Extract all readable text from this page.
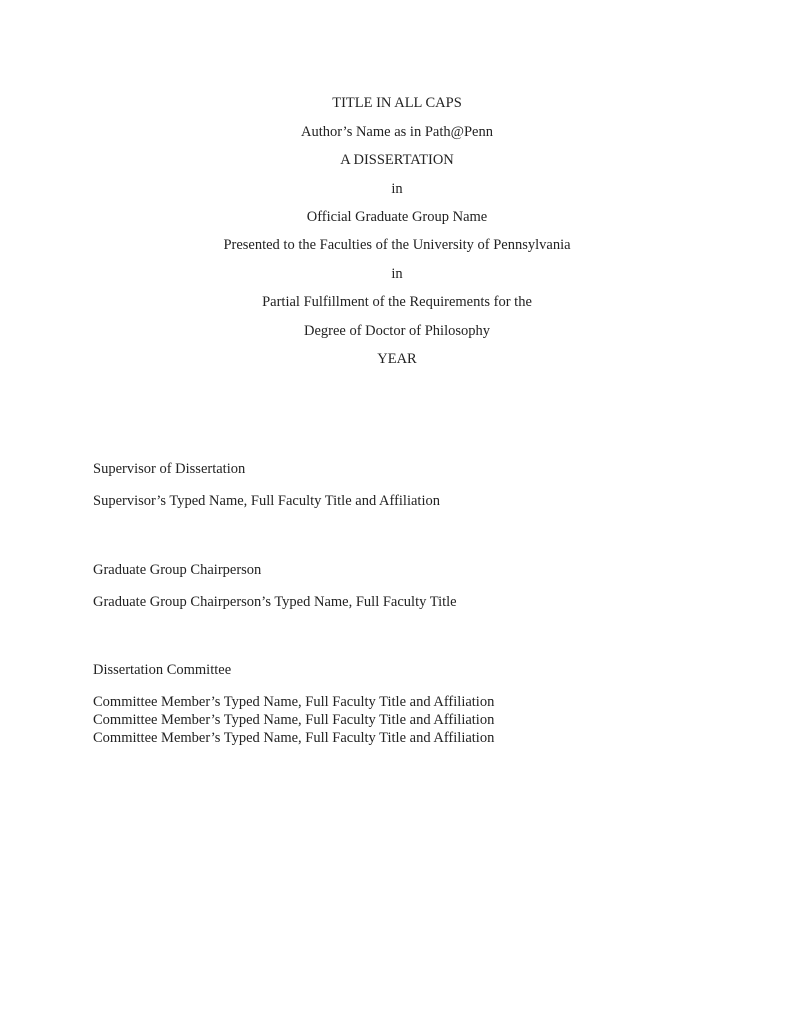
TITLE IN ALL CAPS
Author’s Name as in Path@Penn
A DISSERTATION
in
Official Graduate Group Name
Presented to the Faculties of the University of Pennsylvania
in
Partial Fulfillment of the Requirements for the
Degree of Doctor of Philosophy
YEAR
Supervisor of Dissertation
Supervisor’s Typed Name, Full Faculty Title and Affiliation
Graduate Group Chairperson
Graduate Group Chairperson’s Typed Name, Full Faculty Title
Dissertation Committee
Committee Member’s Typed Name, Full Faculty Title and Affiliation
Committee Member’s Typed Name, Full Faculty Title and Affiliation
Committee Member’s Typed Name, Full Faculty Title and Affiliation
